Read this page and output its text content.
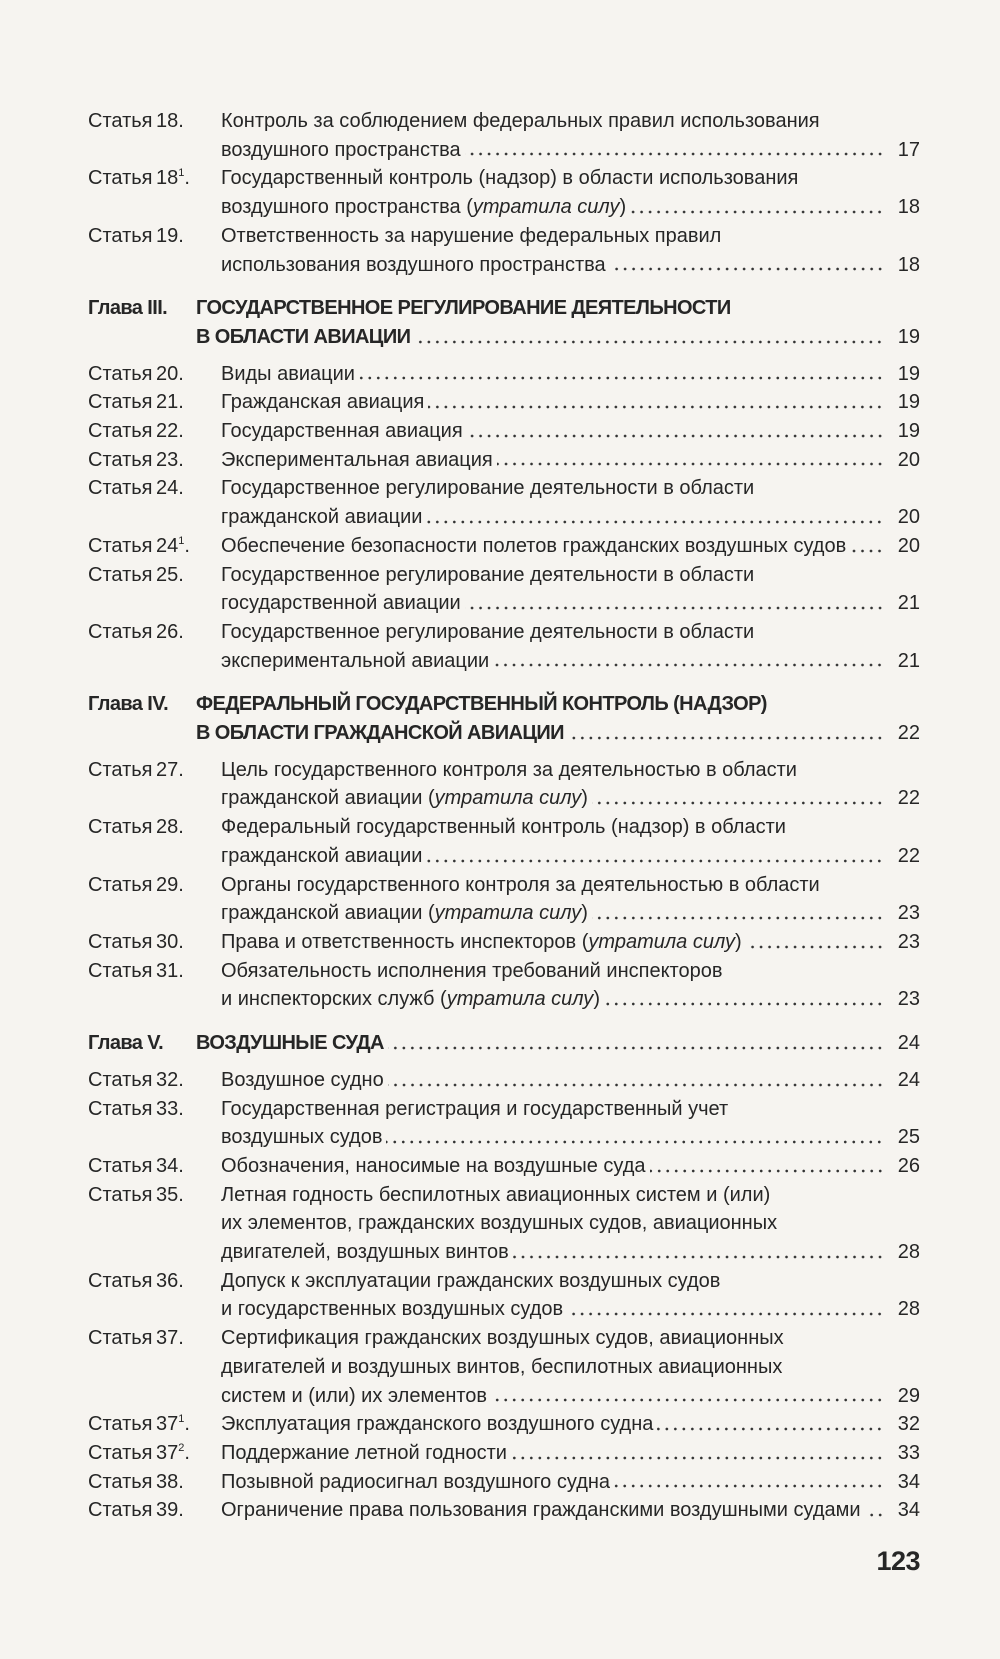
Статья 18. Контроль за соблюдением федеральных правил использования
воздушного пространства	17
Статья $18^1$. Государственный контроль (надзор) в области использования
воздушного пространства (утратила силу)	18
Статья 19. Ответственность за нарушение федеральных правил
использования воздушного пространства	18
Глава III. ГОСУДАРСТВЕННОЕ РЕГУЛИРОВАНИЕ ДЕЯТЕЛЬНОСТИ
В ОБЛАСТИ АВИАЦИИ	19
Статья 20. Виды авиации	19
Статья 21. Гражданская авиация	19
Статья 22. Государственная авиация	19
Статья 23. Экспериментальная авиация	20
Статья 24. Государственное регулирование деятельности в области
гражданской авиации	20
Статья $24^1$. Обеспечение безопасности полетов гражданских воздушных судов	20
Статья 25. Государственное регулирование деятельности в области
государственной авиации	21
Статья 26. Государственное регулирование деятельности в области
экспериментальной авиации	21
Глава IV. ФЕДЕРАЛЬНЫЙ ГОСУДАРСТВЕННЫЙ КОНТРОЛЬ (НАДЗОР)
В ОБЛАСТИ ГРАЖДАНСКОЙ АВИАЦИИ	22
Статья 27. Цель государственного контроля за деятельностью в области
гражданской авиации (утратила силу)	22
Статья 28. Федеральный государственный контроль (надзор) в области
гражданской авиации	22
Статья 29. Органы государственного контроля за деятельностью в области
гражданской авиации (утратила силу)	23
Статья 30. Права и ответственность инспекторов (утратила силу)	23
Статья 31. Обязательность исполнения требований инспекторов
и инспекторских служб (утратила силу)	23
Глава V. ВОЗДУШНЫЕ СУДА	24
Статья 32. Воздушное судно	24
Статья 33. Государственная регистрация и государственный учет
воздушных судов	25
Статья 34. Обозначения, наносимые на воздушные суда	26
Статья 35. Летная годность беспилотных авиационных систем и (или)
их элементов, гражданских воздушных судов, авиационных
двигателей, воздушных винтов	28
Статья 36. Допуск к эксплуатации гражданских воздушных судов
и государственных воздушных судов	28
Статья 37. Сертификация гражданских воздушных судов, авиационных
двигателей и воздушных винтов, беспилотных авиационных
систем и (или) их элементов	29
Статья $37^1$. Эксплуатация гражданского воздушного судна	32
Статья $37^2$. Поддержание летной годности	33
Статья 38. Позывной радиосигнал воздушного судна	34
Статья 39. Ограничение права пользования гражданскими воздушными судами	34
123
